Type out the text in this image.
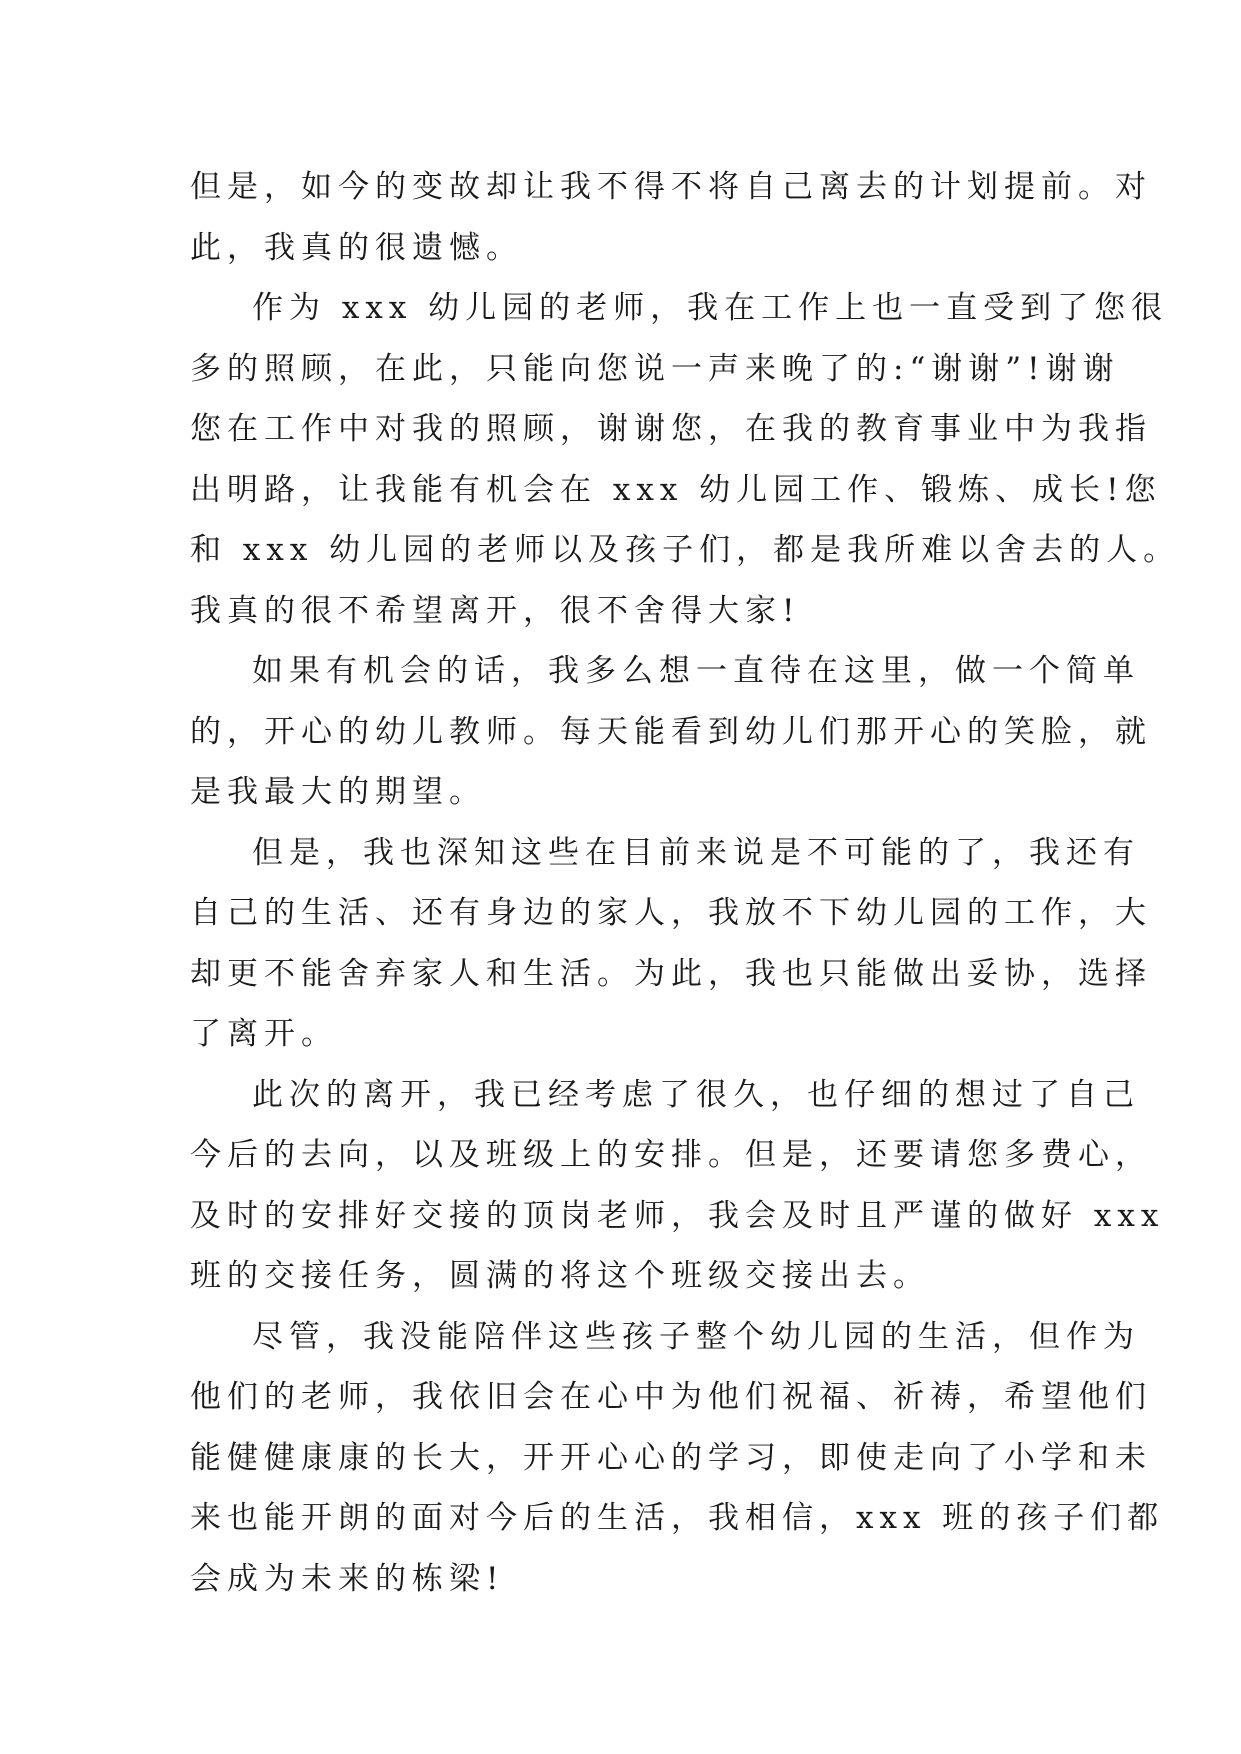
但是，如今的变故却让我不得不将自己离去的计划提前。对
此，我真的很遗憾。
作为 xxx 幼儿园的老师，我在工作上也一直受到了您很
多的照顾，在此，只能向您说一声来晚了的:“谢谢”!谢谢
您在工作中对我的照顾，谢谢您，在我的教育事业中为我指
出明路，让我能有机会在 xxx 幼儿园工作、锻炼、成长!您
和 xxx 幼儿园的老师以及孩子们，都是我所难以舍去的人。
我真的很不希望离开，很不舍得大家!
如果有机会的话，我多么想一直待在这里，做一个简单
的，开心的幼儿教师。每天能看到幼儿们那开心的笑脸，就
是我最大的期望。
但是，我也深知这些在目前来说是不可能的了，我还有
自己的生活、还有身边的家人，我放不下幼儿园的工作，大
却更不能舍弃家人和生活。为此，我也只能做出妥协，选择
了离开。
此次的离开，我已经考虑了很久，也仔细的想过了自己
今后的去向，以及班级上的安排。但是，还要请您多费心，
及时的安排好交接的顶岗老师，我会及时且严谨的做好 xxx
班的交接任务，圆满的将这个班级交接出去。
尽管，我没能陪伴这些孩子整个幼儿园的生活，但作为
他们的老师，我依旧会在心中为他们祝福、祈祷，希望他们
能健健康康的长大，开开心心的学习，即使走向了小学和未
来也能开朗的面对今后的生活，我相信，xxx 班的孩子们都
会成为未来的栋梁!
